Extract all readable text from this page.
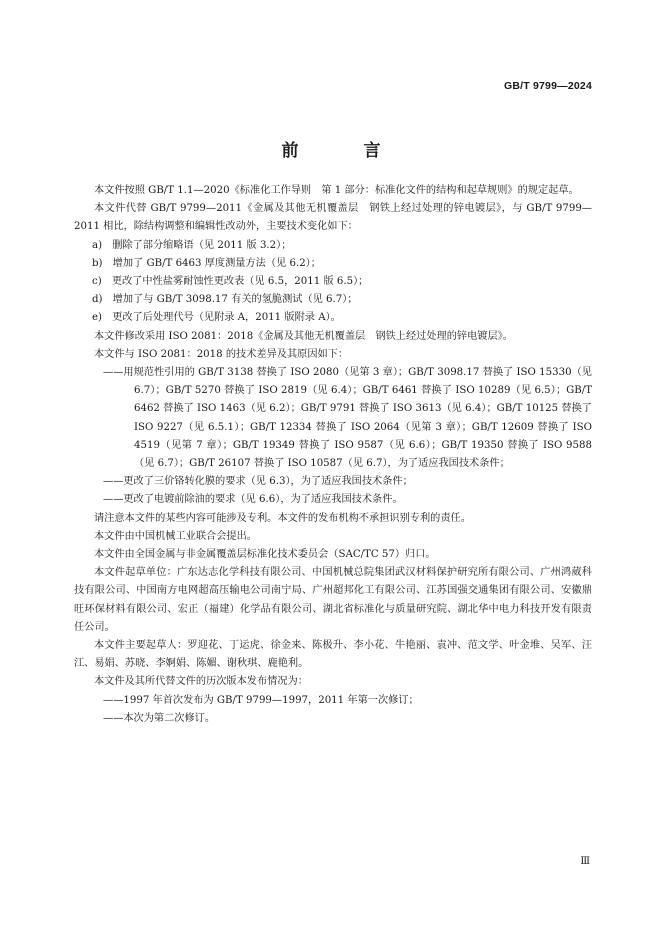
GB/T 9799—2024
前　言

本文件按照 GB/T 1.1—2020《标准化工作导则　第 1 部分：标准化文件的结构和起草规则》的规定起草。

本文件代替 GB/T 9799—2011《金属及其他无机覆盖层　钢铁上经过处理的锌电镀层》，与 GB/T 9799—2011 相比，除结构调整和编辑性改动外，主要技术变化如下：

a)　删除了部分缩略语（见 2011 版 3.2）；

b)　增加了 GB/T 6463 厚度测量方法（见 6.2）；

c)　更改了中性盐雾耐蚀性更改表（见 6.5，2011 版 6.5）；

d)　增加了与 GB/T 3098.17 有关的氢脆测试（见 6.7）；

e)　更改了后处理代号（见附录 A，2011 版附录 A）。

本文件修改采用 ISO 2081：2018《金属及其他无机覆盖层　钢铁上经过处理的锌电镀层》。

本文件与 ISO 2081：2018 的技术差异及其原因如下：

——用规范性引用的 GB/T 3138 替换了 ISO 2080（见第 3 章）；GB/T 3098.17 替换了 ISO 15330（见 6.7）；GB/T 5270 替换了 ISO 2819（见 6.4）；GB/T 6461 替换了 ISO 10289（见 6.5）；GB/T 6462 替换了 ISO 1463（见 6.2）；GB/T 9791 替换了 ISO 3613（见 6.4）；GB/T 10125 替换了 ISO 9227（见 6.5.1）；GB/T 12334 替换了 ISO 2064（见第 3 章）；GB/T 12609 替换了 ISO 4519（见第 7 章）；GB/T 19349 替换了 ISO 9587（见 6.6）；GB/T 19350 替换了 ISO 9588（见 6.7）；GB/T 26107 替换了 ISO 10587（见 6.7），为了适应我国技术条件；

——更改了三价铬转化膜的要求（见 6.3），为了适应我国技术条件；

——更改了电镀前除油的要求（见 6.6），为了适应我国技术条件。

请注意本文件的某些内容可能涉及专利。本文件的发布机构不承担识别专利的责任。

本文件由中国机械工业联合会提出。

本文件由全国金属与非金属覆盖层标准化技术委员会（SAC/TC 57）归口。

本文件起草单位：广东达志化学科技有限公司、中国机械总院集团武汉材料保护研究所有限公司、广州鸿葳科技有限公司、中国南方电网超高压输电公司南宁局、广州超邦化工有限公司、江苏国强交通集团有限公司、安徽鼎旺环保材料有限公司、宏正（福建）化学品有限公司、湖北省标准化与质量研究院、湖北华中电力科技开发有限责任公司。

本文件主要起草人：罗迎花、丁运虎、徐金来、陈极升、李小花、牛艳丽、袁冲、范文学、叶金堆、吴军、汪江、易娟、苏晓、李婀娟、陈媚、谢秋琪、鹿艳利。

本文件及其所代替文件的历次版本发布情况为：

——1997 年首次发布为 GB/T 9799—1997，2011 年第一次修订；

——本次为第二次修订。

Ⅲ
